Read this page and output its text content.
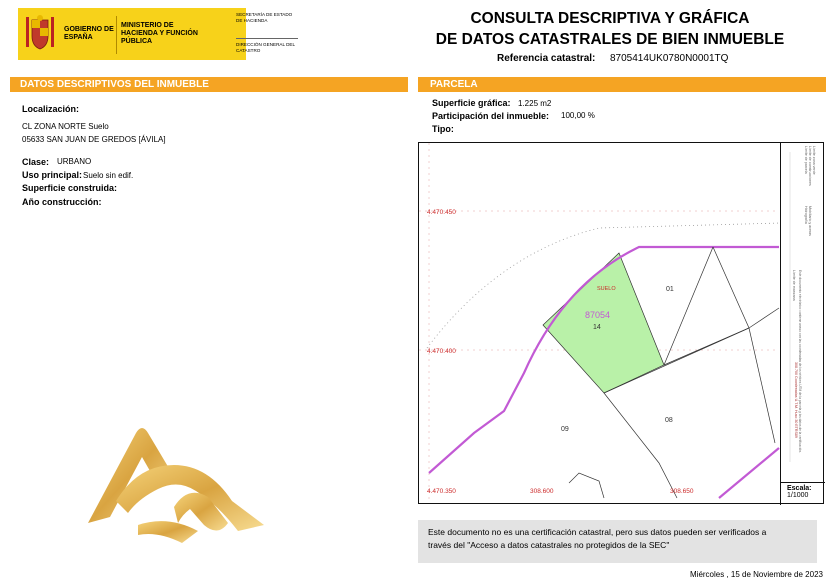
GOBIERNO DE ESPAÑA
MINISTERIO DE HACIENDA Y FUNCIÓN PÚBLICA
SECRETARÍA DE ESTADO DE HACIENDA
DIRECCIÓN GENERAL DEL CATASTRO
CONSULTA DESCRIPTIVA Y GRÁFICA
DE DATOS CATASTRALES DE BIEN INMUEBLE
Referencia catastral: 8705414UK0780N0001TQ
DATOS DESCRIPTIVOS DEL INMUEBLE	PARCELA
Localización:
CL ZONA NORTE Suelo
05633 SAN JUAN DE GREDOS [ÁVILA]
Clase: URBANO
Uso principal: Suelo sin edif.
Superficie construida:
Año construcción:
Superficie gráfica: 1.225 m2
Participación del inmueble: 100,00 %
Tipo:
4.470.450
4.470.400
4.470.350	308.600	308.650
SUELO
87054
14
01
09
08
Límite de parcela Límite de construcciones Límite zona verde
Hidrografía Mobiliario y aceras
Límite de manzana Este documento electrónico contiene anexo con las coordenadas de los vértices UTM de la parcela y los datos de la certificación.
308.700 Coordenadas U.T.M. Huso 30 ETRS89
Escala:
1/1000

Este documento no es una certificación catastral, pero sus datos pueden ser verificados a
través del "Acceso a datos catastrales no protegidos de la SEC"

Miércoles , 15 de Noviembre de 2023
